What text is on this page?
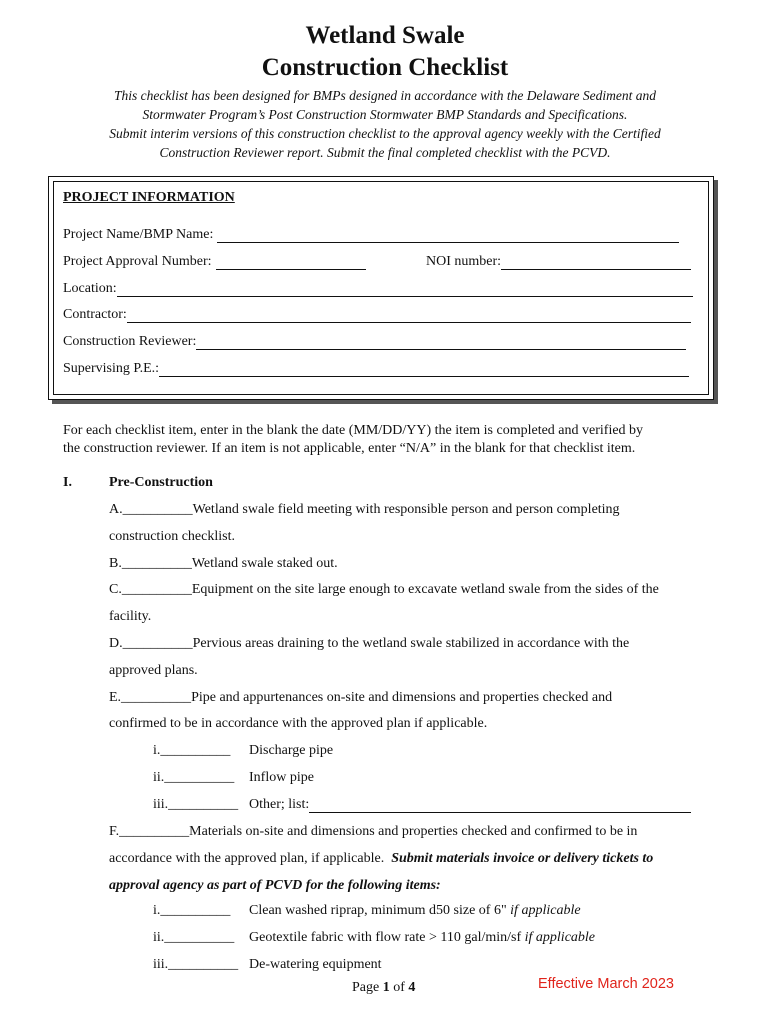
Wetland Swale
Construction Checklist
This checklist has been designed for BMPs designed in accordance with the Delaware Sediment and
Stormwater Program’s Post Construction Stormwater BMP Standards and Specifications.
Submit interim versions of this construction checklist to the approval agency weekly with the Certified
Construction Reviewer report. Submit the final completed checklist with the PCVD.
PROJECT INFORMATION
Project Name/BMP Name:
Project Approval Number:	NOI number:
Location:
Contractor:
Construction Reviewer:
Supervising P.E.:
For each checklist item, enter in the blank the date (MM/DD/YY) the item is completed and verified by
the construction reviewer. If an item is not applicable, enter “N/A” in the blank for that checklist item.
I.	Pre-Construction
A.__________Wetland swale field meeting with responsible person and person completing
construction checklist.
B.__________Wetland swale staked out.
C.__________Equipment on the site large enough to excavate wetland swale from the sides of the
facility.
D.__________Pervious areas draining to the wetland swale stabilized in accordance with the
approved plans.
E.__________Pipe and appurtenances on-site and dimensions and properties checked and
confirmed to be in accordance with the approved plan if applicable.
i.__________ Discharge pipe
ii.__________ Inflow pipe
iii.__________ Other; list:
F.__________Materials on-site and dimensions and properties checked and confirmed to be in
accordance with the approved plan, if applicable. Submit materials invoice or delivery tickets to
approval agency as part of PCVD for the following items:
i.__________ Clean washed riprap, minimum d50 size of 6" if applicable
ii.__________ Geotextile fabric with flow rate > 110 gal/min/sf if applicable
iii.__________ De-watering equipment
Page 1 of 4	Effective March 2023
